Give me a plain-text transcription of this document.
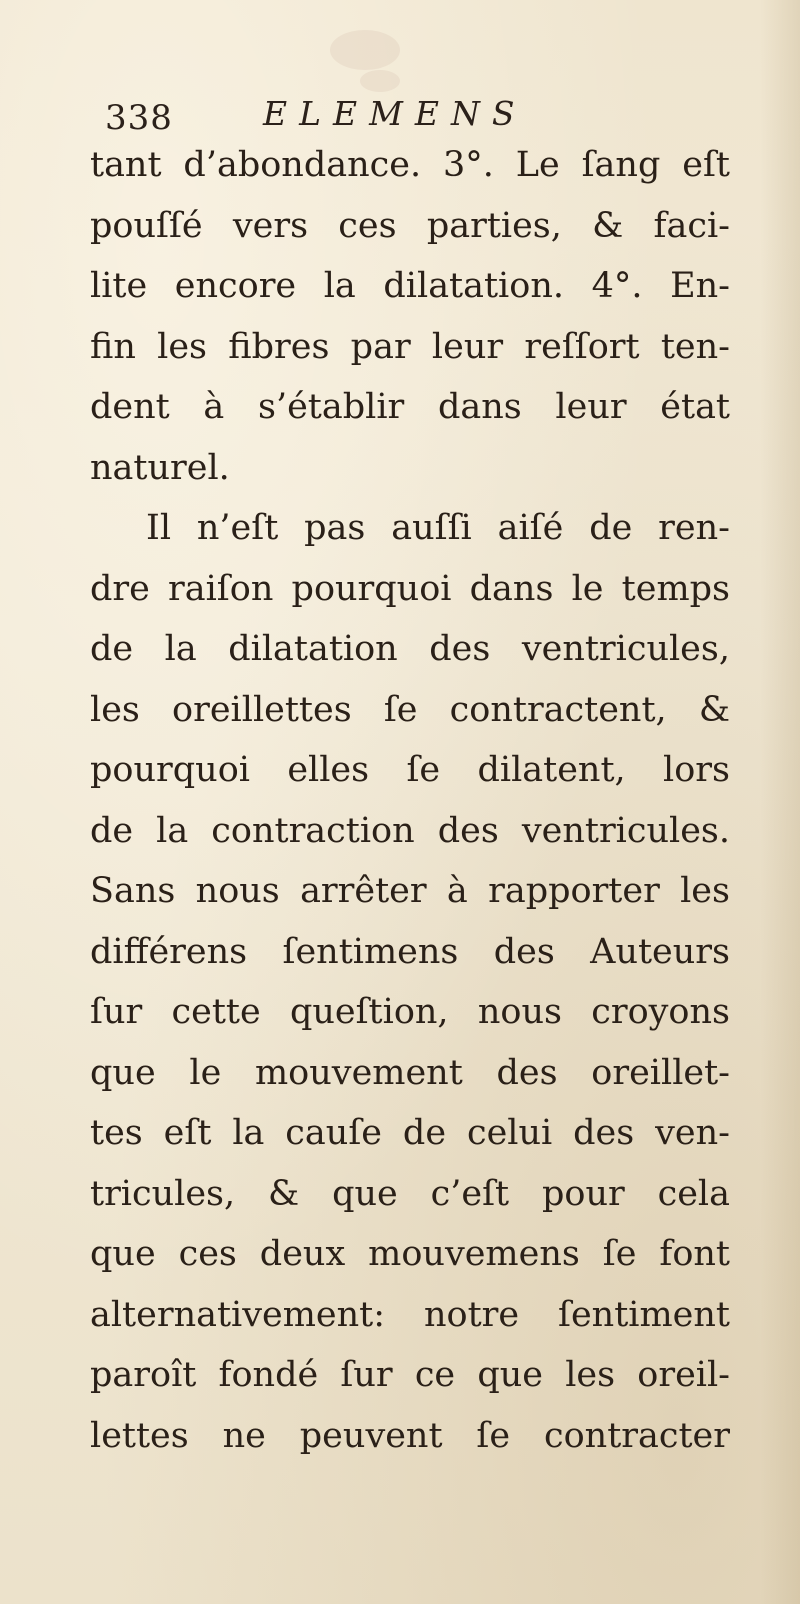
338	ELEMENS
tant d’abondance. 3°. Le ſang eſt
pouſſé vers ces parties, & faci-
lite encore la dilatation. 4°. En-
fin les fibres par leur reſſort ten-
dent à s’établir dans leur état
naturel.
Il n’eſt pas auſſi aiſé de ren-
dre raiſon pourquoi dans le temps
de la dilatation des ventricules,
les oreillettes ſe contractent, &
pourquoi elles ſe dilatent, lors
de la contraction des ventricules.
Sans nous arrêter à rapporter les
différens ſentimens des Auteurs
ſur cette queſtion, nous croyons
que le mouvement des oreillet-
tes eſt la cauſe de celui des ven-
tricules, & que c’eſt pour cela
que ces deux mouvemens ſe font
alternativement: notre ſentiment
paroît fondé ſur ce que les oreil-
lettes ne peuvent ſe contracter
